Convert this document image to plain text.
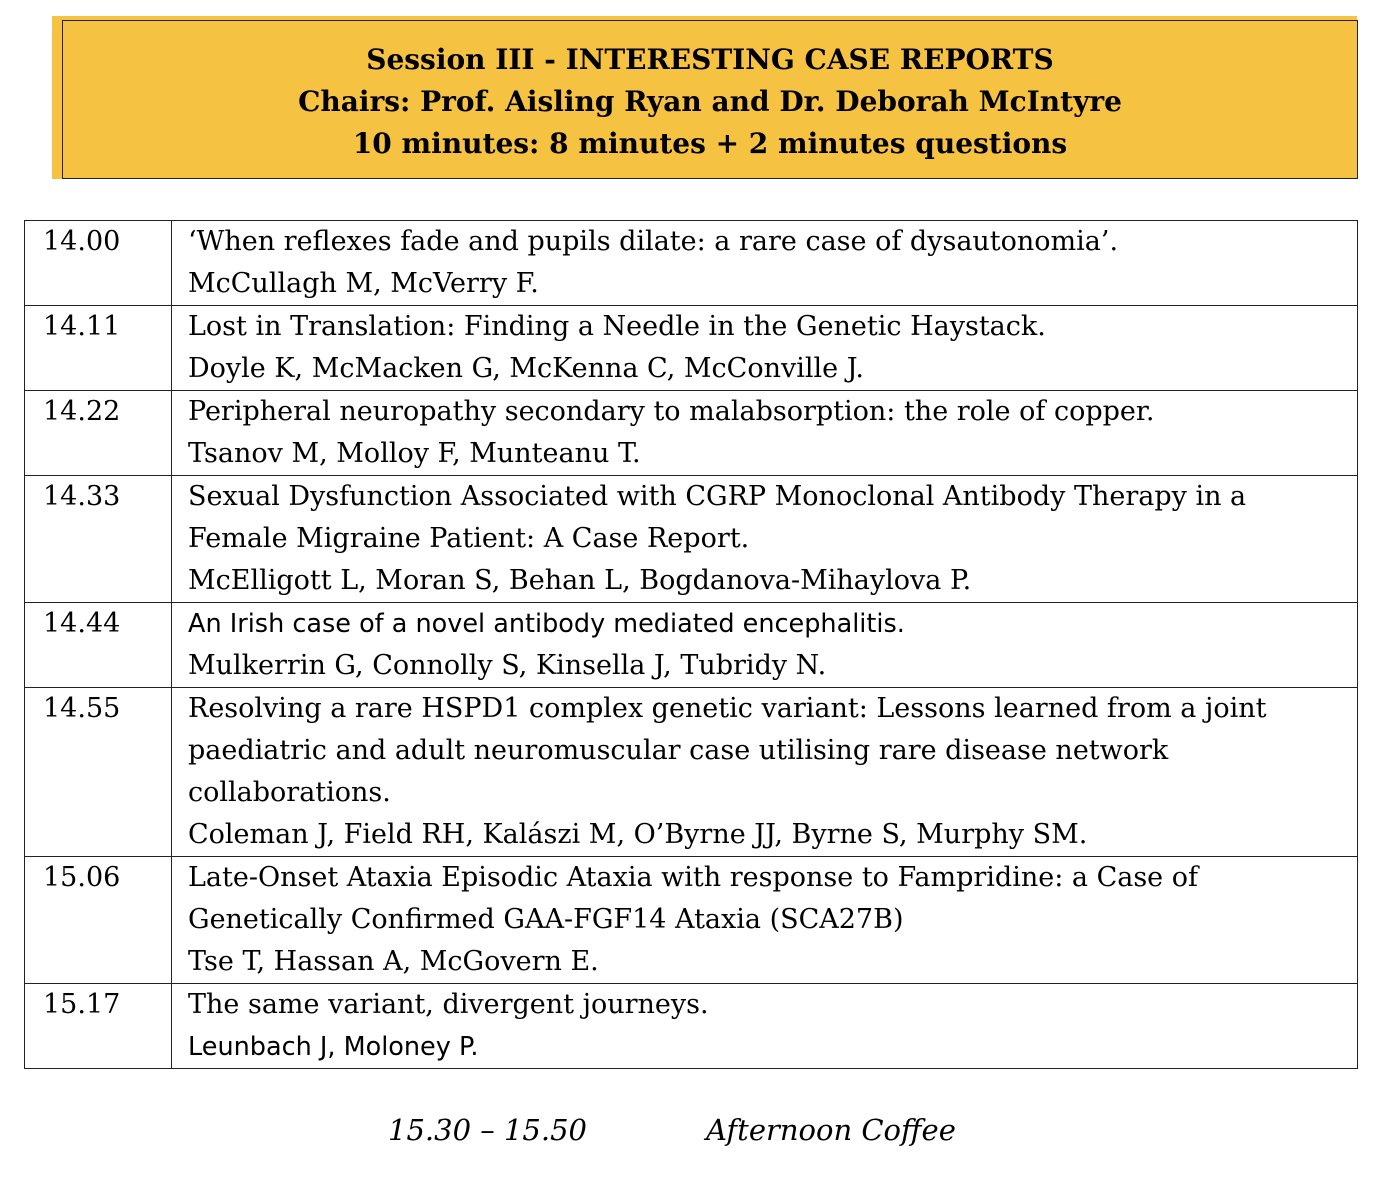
Session III - INTERESTING CASE REPORTS
Chairs: Prof. Aisling Ryan and Dr. Deborah McIntyre
10 minutes: 8 minutes + 2 minutes questions
14.00	‘When reflexes fade and pupils dilate: a rare case of dysautonomia’.
McCullagh M, McVerry F.

14.11	Lost in Translation: Finding a Needle in the Genetic Haystack.
Doyle K, McMacken G, McKenna C, McConville J.

14.22	Peripheral neuropathy secondary to malabsorption: the role of copper.
Tsanov M, Molloy F, Munteanu T.

14.33	Sexual Dysfunction Associated with CGRP Monoclonal Antibody Therapy in a Female Migraine Patient: A Case Report.
McElligott L, Moran S, Behan L, Bogdanova-Mihaylova P.

14.44	An Irish case of a novel antibody mediated encephalitis.
Mulkerrin G, Connolly S, Kinsella J, Tubridy N.

14.55	Resolving a rare HSPD1 complex genetic variant: Lessons learned from a joint paediatric and adult neuromuscular case utilising rare disease network collaborations.
Coleman J, Field RH, Kalászi M, O’Byrne JJ, Byrne S, Murphy SM.

15.06	Late-Onset Ataxia Episodic Ataxia with response to Fampridine: a Case of Genetically Confirmed GAA-FGF14 Ataxia (SCA27B)
Tse T, Hassan A, McGovern E.

15.17	The same variant, divergent journeys.
Leunbach J, Moloney P.
15.30 – 15.50	Afternoon Coffee
